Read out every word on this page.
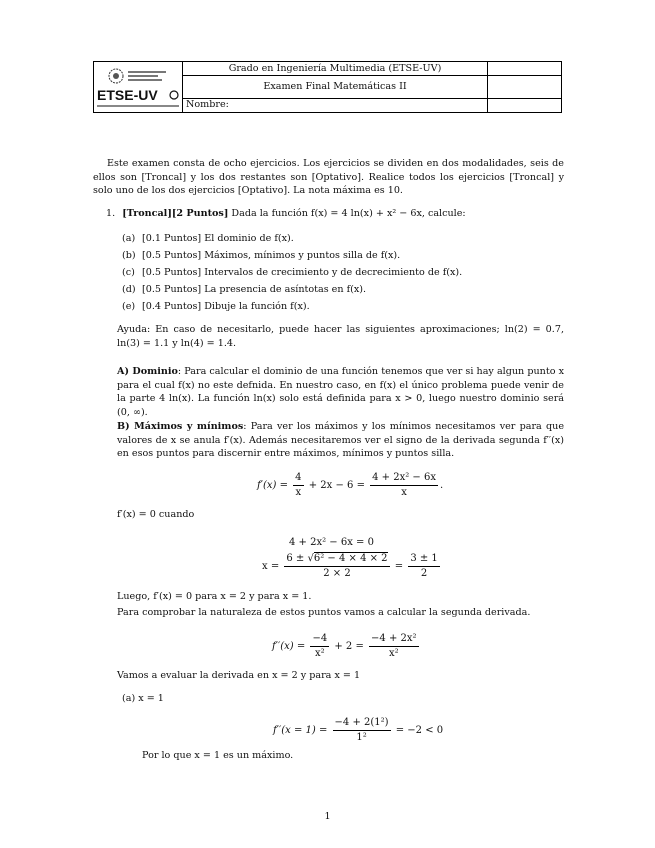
ETSE-UV
Grado en Ingeniería Multimedia (ETSE-UV)
Examen Final Matemáticas II
Nombre:
Este examen consta de ocho ejercicios. Los ejercicios se dividen en dos modalidades, seis de ellos son [Troncal] y los dos restantes son [Optativo]. Realice todos los ejercicios [Troncal] y solo uno de los dos ejercicios [Optativo]. La nota máxima es 10.
1. [Troncal][2 Puntos] Dada la función f(x) = 4 ln(x) + x² − 6x, calcule:
(a) [0.1 Puntos] El dominio de f(x).
(b) [0.5 Puntos] Máximos, mínimos y puntos silla de f(x).
(c) [0.5 Puntos] Intervalos de crecimiento y de decrecimiento de f(x).
(d) [0.5 Puntos] La presencia de asíntotas en f(x).
(e) [0.4 Puntos] Dibuje la función f(x).
Ayuda: En caso de necesitarlo, puede hacer las siguientes aproximaciones; ln(2) = 0.7, ln(3) = 1.1 y ln(4) = 1.4.
A) Dominio: Para calcular el dominio de una función tenemos que ver si hay algun punto x para el cual f(x) no este defnida. En nuestro caso, en f(x) el único problema puede venir de la parte 4 ln(x). La función ln(x) solo está definida para x > 0, luego nuestro dominio será (0, ∞).
B) Máximos y mínimos: Para ver los máximos y los mínimos necesitamos ver para que valores de x se anula f′(x). Además necesitaremos ver el signo de la derivada segunda f′′(x) en esos puntos para discernir entre máximos, mínimos y puntos silla.
$f'(x) = \frac{4}{x} + 2x - 6 = \frac{\text{4 + 2x² − 6x}}{x}$ .
f′(x) = 0 cuando
4 + 2x² − 6x = 0
$x = \frac{\text{6 ± √6² − 4 × 4 × 2}}{2 \times 2} = \frac{3 \pm 1}{2}$
Luego, f′(x) = 0 para x = 2 y para x = 1.
Para comprobar la naturaleza de estos puntos vamos a calcular la segunda derivada.
$f''(x) = \frac{-4}{\text{x²}} + 2 = \frac{\text{−4 + 2x²}}{\text{x²}}$
Vamos a evaluar la derivada en x = 2 y para x = 1
(a) x = 1
$f''(x = 1) = \frac{\text{−4 + 2(1²)}}{\text{1²}} = -2 < 0$
Por lo que x = 1 es un máximo.
1
